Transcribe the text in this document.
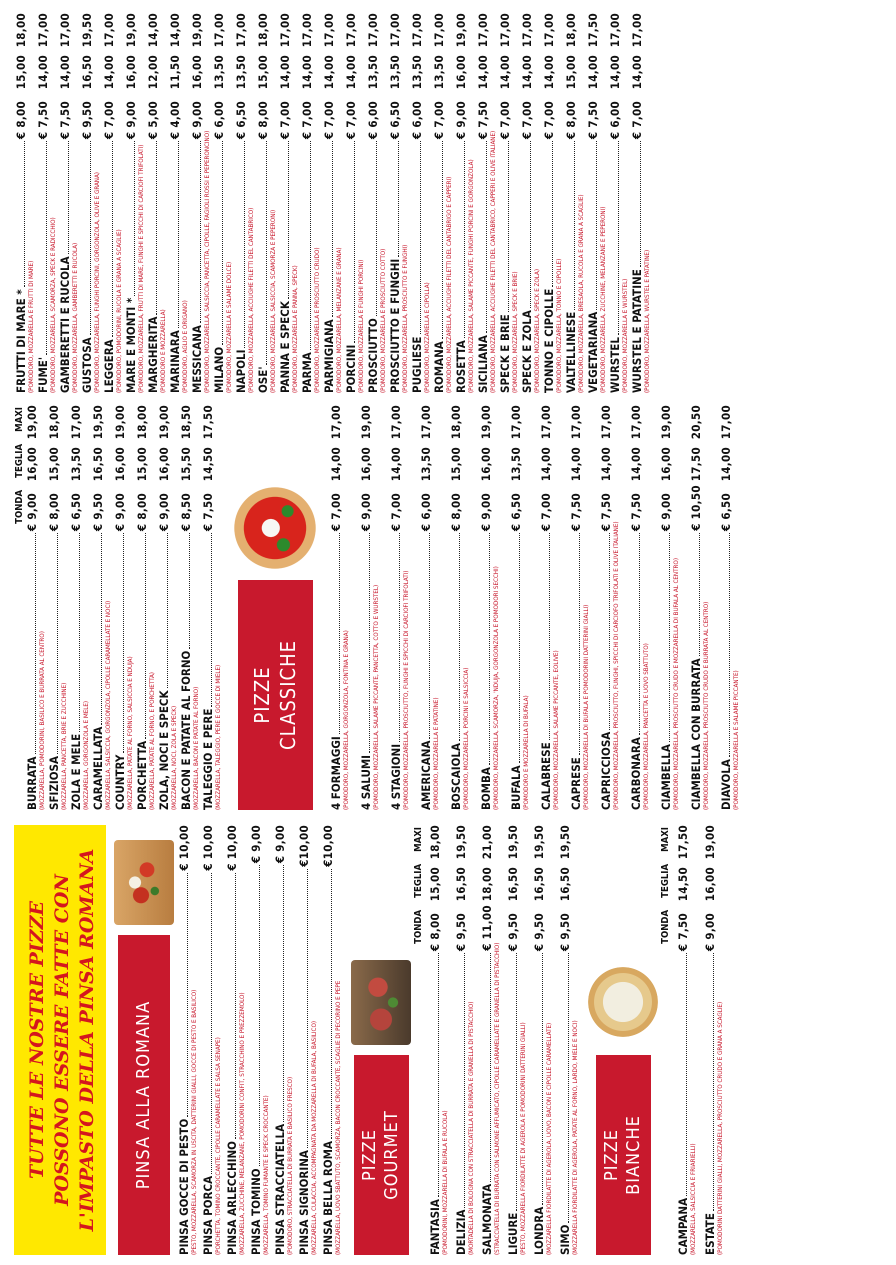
TUTTE LE NOSTRE PIZZE POSSONO ESSERE FATTE CON L'IMPASTO DELLA PINSA ROMANA PINSA ALLA ROMANA PINSA GOCCE DI PESTO
€ 10,00
(PESTO, MOZZARELLA, SCAMORZA IN USCITA, DATTERINI GIALLI, GOCCE DI PESTO E BASILICO) PINSA PORCA
€ 10,00
(PORCHETTA, TOMINO CROCCANTE, CIPOLLE CARAMELLATE E SALSA SENAPE) PINSA ARLECCHINO
€ 10,00
(MOZZARELLA, ZUCCHINE, MELANZANE, POMODORINI CONFIT, STRACCHINO E PREZZEMOLO) PINSA TOMINO
€ 9,00
(MOZZARELLA, TOMINO FUMANTE E SPECK CROCCANTE) PINSA STRACCIATELLA
€ 9,00
(POMODORO, STRACCIATELLA DI BURRATA E BASILICO FRESCO) PINSA SIGNORINA
€10,00
(MOZZARELLA, CULACCIA, ACCOMPAGNATA DA MOZZARELLA DI BUFALA, BASILICO) PINSA BELLA ROMA
€10,00
(MOZZARELLA, UOVO SBATTUTO, SCAMORZA, BACON CROCCANTE, SCAGLIE DI PECORINO E PEPE PIZZE GOURMET
TONDA
TEGLIA
MAXI
FANTASIA
€ 8,00   15,00  18,00
(POMODORINI, MOZZARELLA DI BUFALA E RUCOLA) DELIZIA
€ 9,50   16,50  19,50
(MORTADELLA DI BOLOGNA CON STRACCIATELLA DI BURRATA E GRANELLA DI PISTACCHIO) SALMONATA
€ 11,00 18,00  21,00
(STRACCIATELLA DI BURRATA CON SALMONE AFFUMICATO, CIPOLLE CARAMELLATE E GRANELLA DI PISTACCHIO) LIGURE
€ 9,50   16,50  19,50
(PESTO, MOZZARELLA FIORDILATTE DI AGEROLA E POMODORINI DATTERINI GIALLI) LONDRA
€ 9,50   16,50  19,50
(MOZZARELLA FIORDILATTE DI AGEROLA, UOVO, BACON E CIPOLLE CARAMELLATE) SIMO
€ 9,50   16,50  19,50
(MOZZARELLA FIORDILATTE DI AGEROLA, PATATE AL FORNO, LARDO, MIELE E NOCI) PIZZE BIANCHE
TONDA
TEGLIA
MAXI
CAMPANA
€ 7,50   14,50  17,50
(MOZZARELLA, SALSICCIA E FRIARIELLI) ESTATE
€ 9,00   16,00  19,00
(POMODORINI DATTERINI GIALLI, MOZZARELLA, PROSCIUTTO CRUDO E GRANA A SCAGLIE)
TONDA
TEGLIA
MAXI
BURRATA
€ 9,00   16,00  19,00
(MOZZARELLA, POMODORINI, BASILICO E BURRATA AL CENTRO) SFIZIOSA
€ 8,00   15,00  18,00
(MOZZARELLA, PANCETTA, BRIE E ZUCCHINE) ZOLA E MELE
€ 6,50   13,50  17,00
(MOZZARELLA, GORGONZOLA E MELE) CARAMELLATA
€ 9,50   16,50  19,50
(MOZZARELLA, SALSICCIA, GORGONZOLA, CIPOLLE CARAMELLATE E NOCI) COUNTRY
€ 9,00   16,00  19,00
(MOZZARELLA, PATATE AL FORNO, SALSICCIA E NDUJA) PORCHETTA
€ 8,00   15,00  18,00
(MOZZARELLA, PATATE AL FORNO, E PORCHETTA) ZOLA, NOCI E SPECK
€ 9,00   16,00  19,00
(MOZZARELLA, NOCI, ZOLA E SPECK) BACON E PATATE AL FORNO
€ 8,50   15,50  18,50
(MOZZARELLA, BACON E PATATE AL FORNO) TALEGGIO E PERE
€ 7,50   14,50  17,50
(MOZZARELLA, TALEGGIO, PERE E GOCCE DI MIELE) PIZZE CLASSICHE
4 FORMAGGI
€ 7,00   14,00  17,00
(POMODORO, MOZZARELLA, GORGONZOLA, FONTINA E GRANA) 4 SALUMI
€ 9,00   16,00  19,00
(POMODORO, MOZZARELLA, SALAME PICCANTE, PANCETTA, COTTO E WURSTEL) 4 STAGIONI
€ 7,00   14,00  17,00
(POMODORO, MOZZARELLA, PROSCIUTTO, FUNGHI E SPICCHI DI CARCIOFI TRIFOLATI) AMERICANA
€ 6,00   13,50  17,00
(POMODORO, MOZZARELLA E PATATINE) BOSCAIOLA
€ 8,00   15,00  18,00
(POMODORO, MOZZARELLA, PORCINI E SALSICCIA) BOMBA
€ 9,00   16,00  19,00
(POMODORO, MOZZARELLA, SCAMORZA, 'NDUJA, GORGONZOLA E POMODORI SECCHI) BUFALA
€ 6,50   13,50  17,00
(POMODORO E MOZZARELLA DI BUFALA) CALABRESE
€ 7,00   14,00  17,00
(POMODORO, MOZZARELLA, SALAME PICCANTE, EOLIVE) CAPRESE
€ 7,50   14,00  17,00
(POMODORO, MOZZARELLA DI BUFALA E POMODORINI DATTERINI GIALLI) CAPRICCIOSA
€ 7,50   14,00  17,00
(POMODORO, MOZZARELLA, PROSCIUTTO, FUNGHI, SPICCHI DI CARCIOFO TRIFOLATI E OLIVE ITALIANE) CARBONARA
€ 7,50   14,00  17,00
(POMODORO, MOZZARELLA, PANCETTA E UOVO SBATTUTO) CIAMBELLA
€ 9,00   16,00  19,00
(POMODORO, MOZZARELLA, PROSCIUTTO CRUDO E MOZZARELLA DI BUFALA AL CENTRO) CIAMBELLA CON BURRATA
€ 10,50 17,50  20,50
(POMODORO, MOZZARELLA, PROSCIUTTO CRUDO E BURRATA AL CENTRO) DIAVOLA
€ 6,50   14,00  17,00
(POMODORO, MOZZARELLA E SALAME PICCANTE)
FRUTTI DI MARE *
€ 8,00   15,00  18,00
(POMODORO, MOZZARELLA E FRUTTI DI MARE) FUME'
€ 7,50   14,00  17,00
(POMODORO, MOZZARELLA, SCAMORZA, SPECK E RADICCHIO) GAMBERETTI E RUCOLA
€ 7,50   14,00  17,00
(POMODORO, MOZZARELLA, GAMBERETTI E RUCOLA) GUSTOSA
€ 9,50   16,50  19,50
(POMODORO, MOZZARELLA, FUNGHI PORCINI, GORGONZOLA, OLIVE E GRANA) LEGGERA
€ 7,00   14,00  17,00
(POMODORO, POMODORINI, RUCOLA E GRANA A SCAGLIE) MARE E MONTI *
€ 9,00   16,00  19,00
(POMODORO, MOZZARELLA, FRUTTI DI MARE, FUNGHI E SPICCHI DI CARCIOFI TRIFOLATI) MARGHERITA
€ 5,00   12,00  14,00
(POMODORO E MOZZARELLA) MARINARA
€ 4,00   11,50  14,00
(POMODORO, AGLIO E ORIGANO) MESSICANA
€ 9,00   16,00  19,00
(POMODORO, MOZZARELLA, SALSICCIA, PANCETTA, CIPOLLE, FAGIOLI ROSSI E PEPERONCINO) MILANO
€ 6,00   13,50  17,00
(POMODORO, MOZZARELLA E SALAME DOLCE) NAPOLI
€ 6,50   13,50  17,00
(POMODORO, MOZZARELLA, ACCIUGHE FILETTI DEL CANTABRICO) OSE'
€ 8,00   15,00  18,00
(POMODORO, MOZZARELLA, SALSICCIA, SCAMORZA E PEPERONI) PANNA E SPECK
€ 7,00   14,00  17,00
(POMODORO, MOZZARELLA E PANNA, SPECK) PARMA
€ 7,00   14,00  17,00
(POMODORO, MOZZARELLA E PROSCIUTTO CRUDO) PARMIGIANA
€ 7,00   14,00  17,00
(POMODORO, MOZZARELLA, MELANZANE E GRANA) PORCINI
€ 7,00   14,00  17,00
(POMODORO, MOZZARELLA E FUNGHI PORCINI) PROSCIUTTO
€ 6,00   13,50  17,00
(POMODORO, MOZZARELLA E PROSCIUTTO COTTO) PROSCIUTTO E FUNGHI
€ 6,50   13,50  17,00
(POMODORO, MOZZARELLA, PROSCIUTTO E FUNGHI) PUGLIESE
€ 6,00   13,50  17,00
(POMODORO, MOZZARELLA E CIPOLLA) ROMANA
€ 7,00   13,50  17,00
(POMODORO, MOZZARELLA, ACCIUGHE FILETTI DEL CANTABRIGO E CAPPERI) ROSETTA
€ 9,00   16,00  19,00
(POMODORO, MOZZARELLA, SALAME PICCANTE, FUNGHI PORCINI E GORGONZOLA) SICILIANA
€ 7,50   14,00  17,00
(POMODORO, MOZZARELLA, ACCIUGHE FILETTI DEL CANTABRICO, CAPPERI E OLIVE ITALIANE) SPECK E BRIE
€ 7,00   14,00  17,00
(POMODORO, MOZZARELLA, SPECK E BRIE) SPECK E ZOLA
€ 7,00   14,00  17,00
(POMODORO, MOZZARELLA, SPECK E ZOLA) TONNO E CIPOLLE
€ 7,00   14,00  17,00
(POMODORO, MOZZARELLA, TONNO E CIPOLLE) VALTELLINESE
€ 8,00   15,00  18,00
(POMODORO, MOZZARELLA, BRESAOLA, RUCOLA E GRANA A SCAGLIE) VEGETARIANA
€ 7,50   14,00  17,50
(POMODORO, MOZZARELLA, ZUCCHINE, MELANZANE E PEPERONI) WURSTEL
€ 6,00   14,00  17,00
(POMODORO, MOZZARELLA E WURSTEL) WURSTEL E PATATINE
€ 7,00   14,00  17,00
(POMODORO, MOZZARELLA, WURSTEL E PATATINE)
